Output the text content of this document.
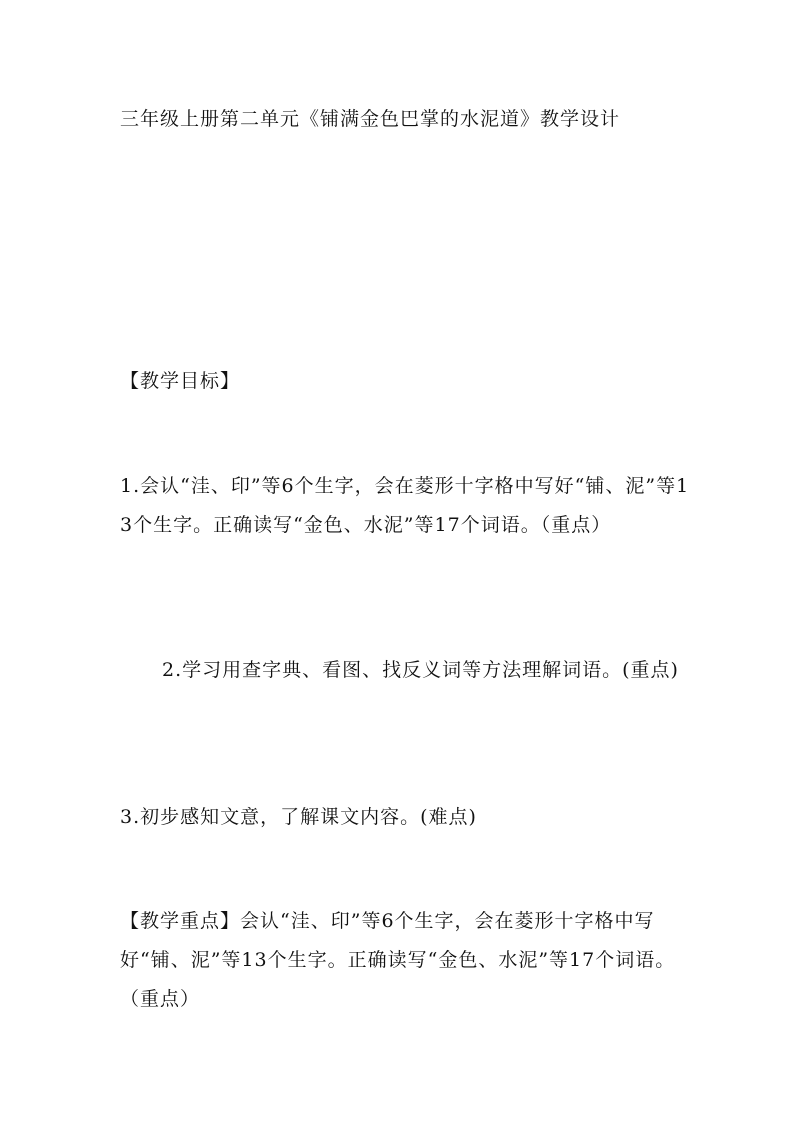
三年级上册第二单元《铺满金色巴掌的水泥道》教学设计
【教学目标】
1.会认“洼、印”等6个生字，会在菱形十字格中写好“铺、泥”等13个生字。正确读写“金色、水泥”等17个词语。（重点）
2.学习用查字典、看图、找反义词等方法理解词语。(重点)
3.初步感知文意，了解课文内容。(难点)
【教学重点】会认“洼、印”等6个生字，会在菱形十字格中写好“铺、泥”等13个生字。正确读写“金色、水泥”等17个词语。（重点）
